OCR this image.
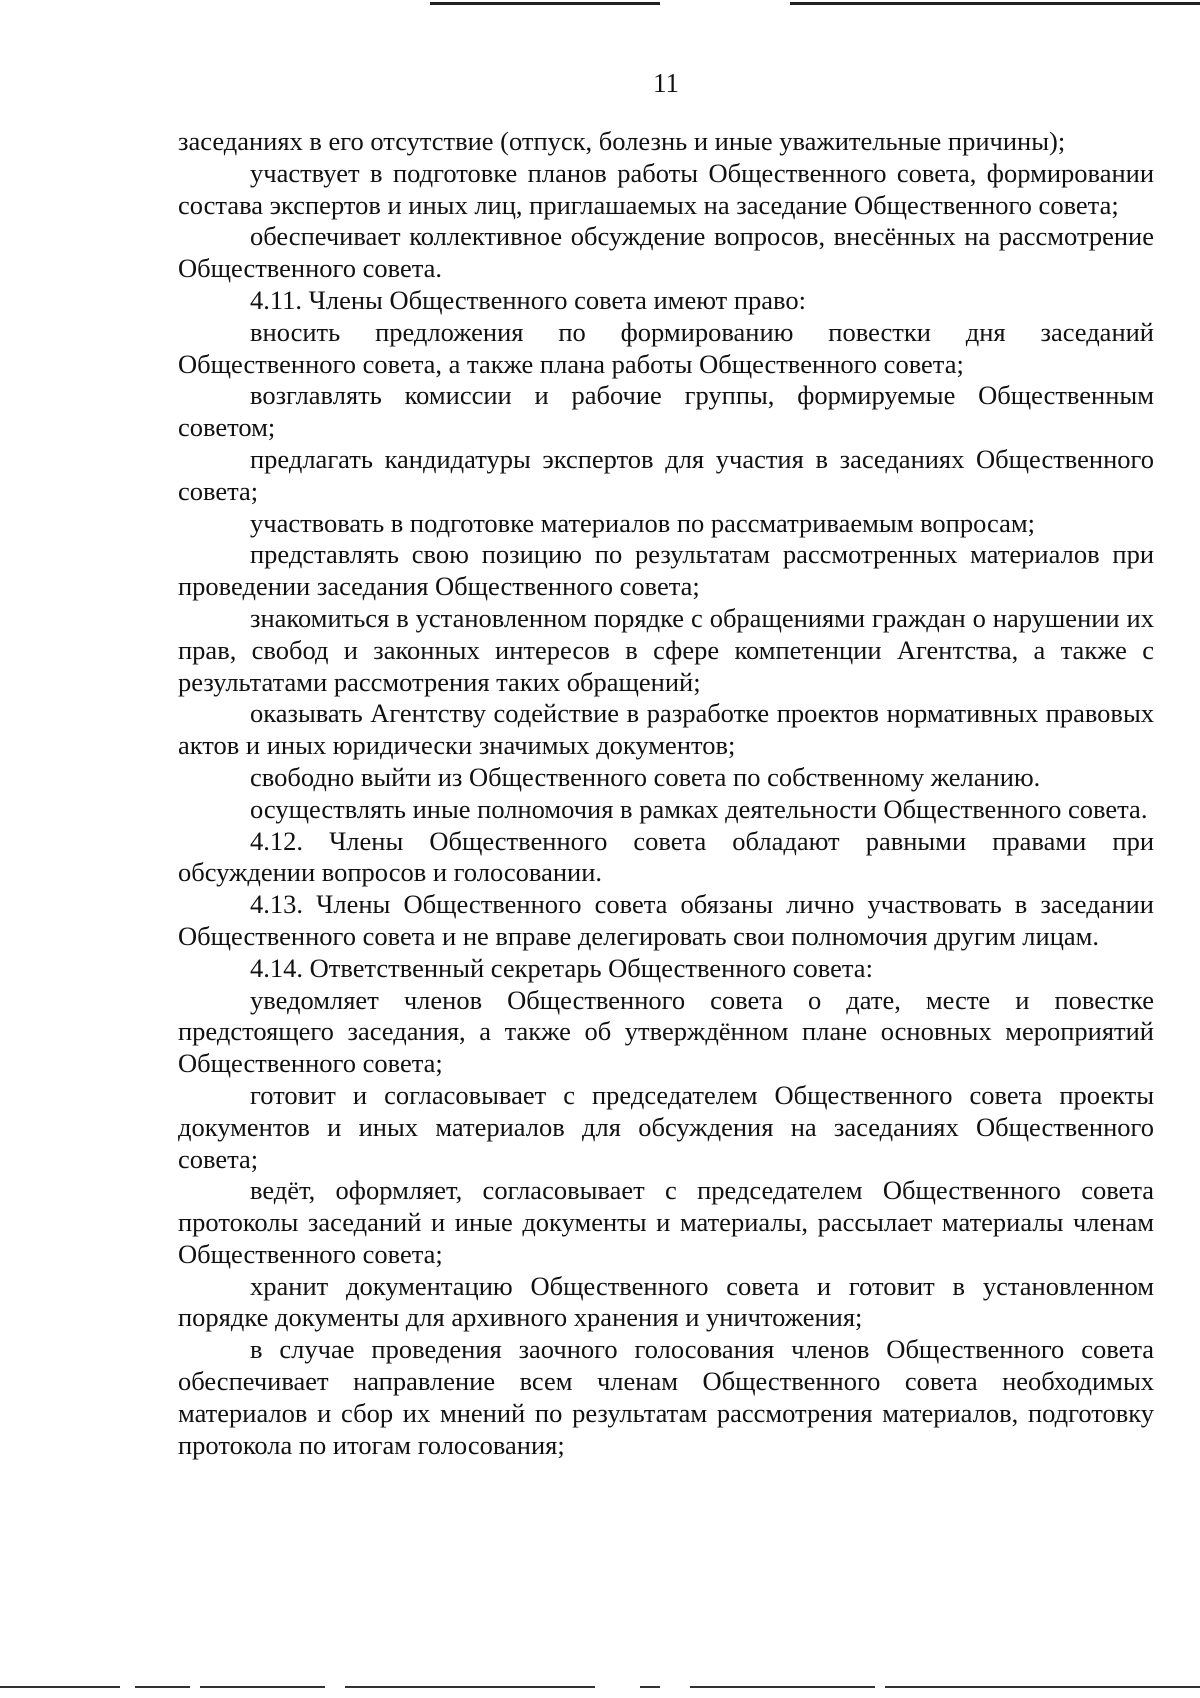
11

заседаниях в его отсутствие (отпуск, болезнь и иные уважительные причины);

участвует в подготовке планов работы Общественного совета, формировании состава экспертов и иных лиц, приглашаемых на заседание Общественного совета;

обеспечивает коллективное обсуждение вопросов, внесённых на рассмотрение Общественного совета.

4.11. Члены Общественного совета имеют право:

вносить предложения по формированию повестки дня заседаний Общественного совета, а также плана работы Общественного совета;

возглавлять комиссии и рабочие группы, формируемые Общественным советом;

предлагать кандидатуры экспертов для участия в заседаниях Общественного совета;

участвовать в подготовке материалов по рассматриваемым вопросам;

представлять свою позицию по результатам рассмотренных материалов при проведении заседания Общественного совета;

знакомиться в установленном порядке с обращениями граждан о нарушении их прав, свобод и законных интересов в сфере компетенции Агентства, а также с результатами рассмотрения таких обращений;

оказывать Агентству содействие в разработке проектов нормативных правовых актов и иных юридически значимых документов;

свободно выйти из Общественного совета по собственному желанию.

осуществлять иные полномочия в рамках деятельности Общественного совета.

4.12. Члены Общественного совета обладают равными правами при обсуждении вопросов и голосовании.

4.13. Члены Общественного совета обязаны лично участвовать в заседании Общественного совета и не вправе делегировать свои полномочия другим лицам.

4.14. Ответственный секретарь Общественного совета:

уведомляет членов Общественного совета о дате, месте и повестке предстоящего заседания, а также об утверждённом плане основных мероприятий Общественного совета;

готовит и согласовывает с председателем Общественного совета проекты документов и иных материалов для обсуждения на заседаниях Общественного совета;

ведёт, оформляет, согласовывает с председателем Общественного совета протоколы заседаний и иные документы и материалы, рассылает материалы членам Общественного совета;

хранит документацию Общественного совета и готовит в установленном порядке документы для архивного хранения и уничтожения;

в случае проведения заочного голосования членов Общественного совета обеспечивает направление всем членам Общественного совета необходимых материалов и сбор их мнений по результатам рассмотрения материалов, подготовку протокола по итогам голосования;
